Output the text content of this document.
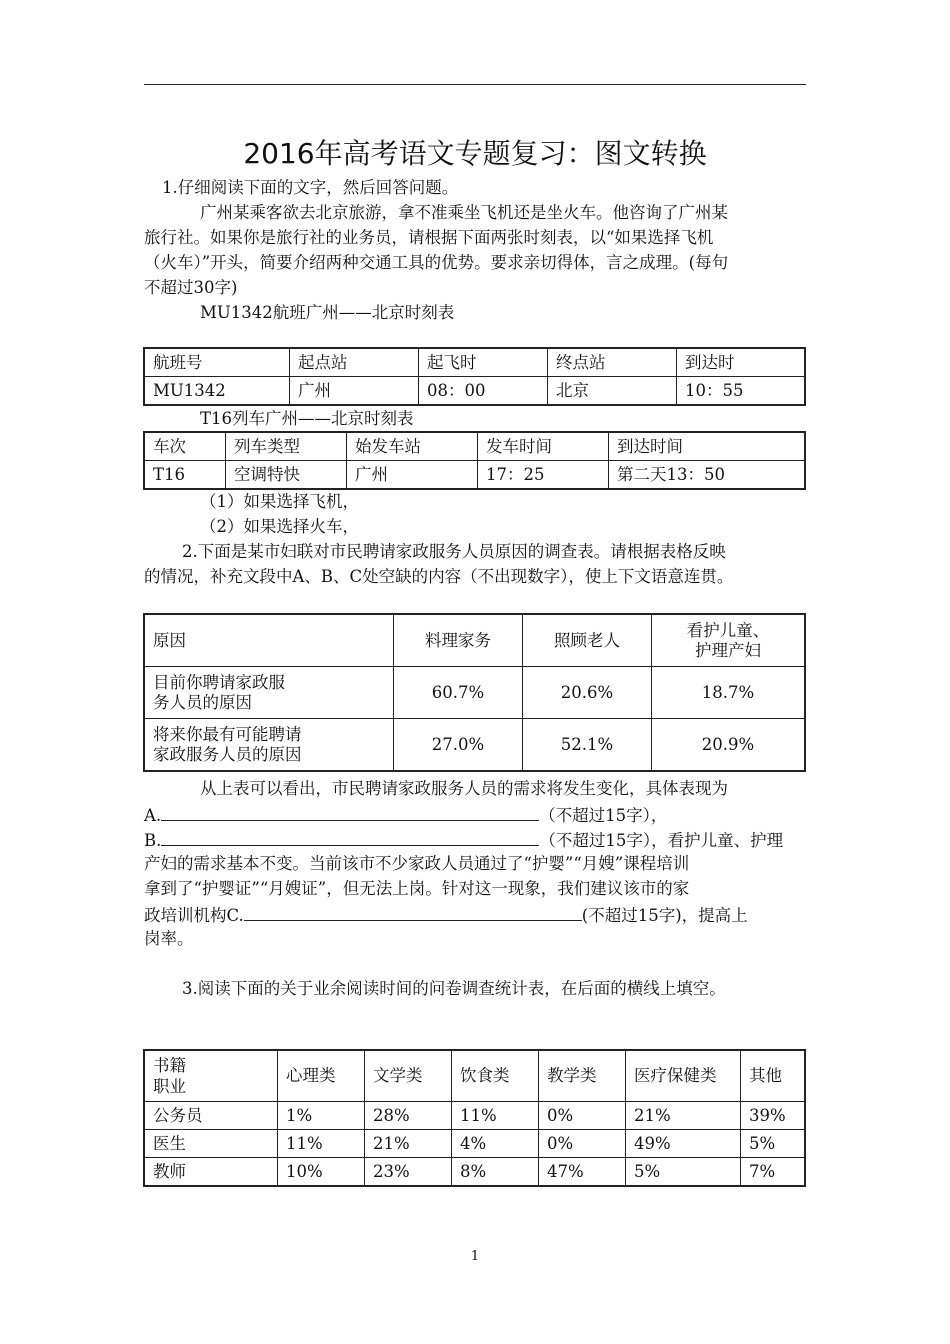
2016年高考语文专题复习：图文转换
1.仔细阅读下面的文字，然后回答问题。
广州某乘客欲去北京旅游，拿不准乘坐飞机还是坐火车。他咨询了广州某
旅行社。如果你是旅行社的业务员，请根据下面两张时刻表，以“如果选择飞机
（火车）”开头，简要介绍两种交通工具的优势。要求亲切得体，言之成理。(每句
不超过30字)
MU1342航班广州——北京时刻表
航班号	起点站	起飞时	终点站	到达时
MU1342	广州	08：00	北京	10：55
T16列车广州——北京时刻表
车次	列车类型	始发车站	发车时间	到达时间
T16	空调特快	广州	17：25	第二天13：50
（1）如果选择飞机，
（2）如果选择火车，
2.下面是某市妇联对市民聘请家政服务人员原因的调查表。请根据表格反映
的情况，补充文段中A、B、C处空缺的内容（不出现数字），使上下文语意连贯。
原因	料理家务	照顾老人	看护儿童、
护理产妇

目前你聘请家政服
务人员的原因	60.7%	20.6%	18.7%

将来你最有可能聘请
家政服务人员的原因	27.0%	52.1%	20.9%
从上表可以看出，市民聘请家政服务人员的需求将发生变化，具体表现为
A.	（不超过15字），
B.	（不超过15字），看护儿童、护理
产妇的需求基本不变。当前该市不少家政人员通过了“护婴”“月嫂”课程培训
拿到了“护婴证”“月嫂证”，但无法上岗。针对这一现象，我们建议该市的家
政培训机构C.	(不超过15字)，提高上
岗率。
3.阅读下面的关于业余阅读时间的问卷调查统计表，在后面的横线上填空。
书籍
职业	心理类	文学类	饮食类	教学类	医疗保健类	其他
公务员	1%	28%	11%	0%	21%	39%
医生	11%	21%	4%	0%	49%	5%
教师	10%	23%	8%	47%	5%	7%
1
